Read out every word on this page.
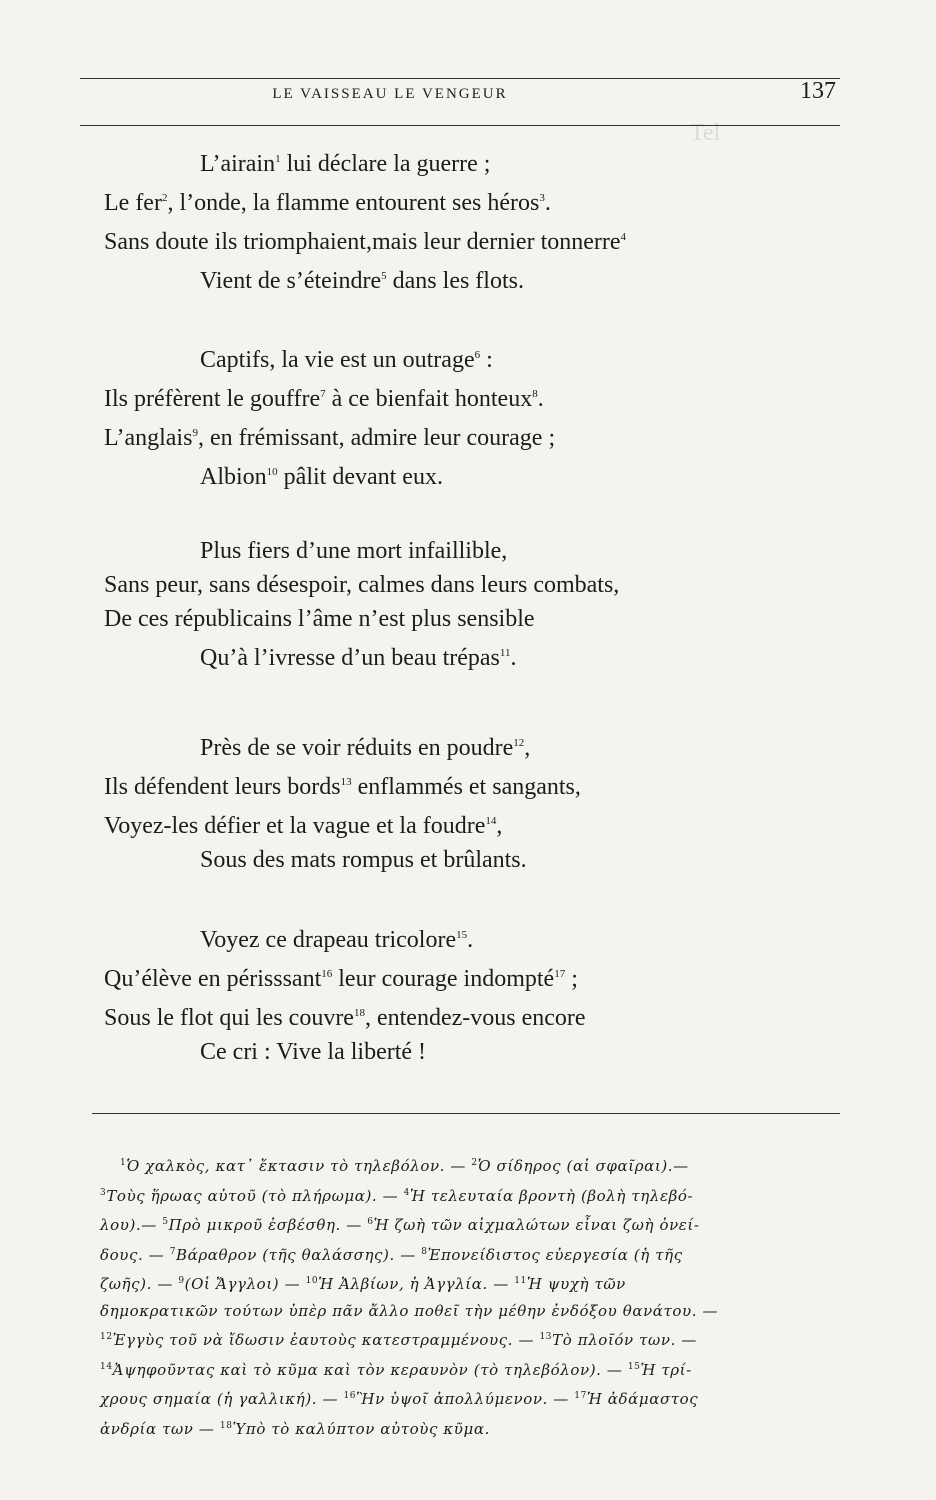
Tel
LE VAISSEAU LE VENGEUR	137
L’airain$^1$ lui déclare la guerre ;
Le fer$^2$, l’onde, la flamme entourent ses héros$^3$.
Sans doute ils triomphaient,mais leur dernier tonnerre$^4$
Vient de s’éteindre$^5$ dans les flots.
Captifs, la vie est un outrage$^6$ :
Ils préfèrent le gouffre$^7$ à ce bienfait honteux$^8$.
L’anglais$^9$, en frémissant, admire leur courage ;
Albion$^{10}$ pâlit devant eux.
Plus fiers d’une mort infaillible,
Sans peur, sans désespoir, calmes dans leurs combats,
De ces républicains l’âme n’est plus sensible
Qu’à l’ivresse d’un beau trépas$^{11}$.
Près de se voir réduits en poudre$^{12}$,
Ils défendent leurs bords$^{13}$ enflammés et sangants,
Voyez-les défier et la vague et la foudre$^{14}$,
Sous des mats rompus et brûlants.
Voyez ce drapeau tricolore$^{15}$.
Qu’élève en périsssant$^{16}$ leur courage indompté$^{17}$ ;
Sous le flot qui les couvre$^{18}$, entendez-vous encore
Ce cri : Vive la liberté !
$^1$Ὁ χαλκὸς, κατ᾽ ἔκτασιν τὸ τηλεβόλον. — $^2$Ὁ σίδηρος (αἱ σφαῖραι).—
$^3$Τοὺς ἥρωας αὐτοῦ (τὸ πλήρωμα). — $^4$Ἡ τελευταία βροντὴ (βολὴ τηλεβό-
λου).— $^5$Πρὸ μικροῦ ἐσβέσθη. — $^6$Ἡ ζωὴ τῶν αἰχμαλώτων εἶναι ζωὴ ὀνεί-
δους. — $^7$Βάραθρον (τῆς θαλάσσης). — $^8$Ἐπονείδιστος εὐεργεσία (ἡ τῆς
ζωῆς). — $^9$(Οἱ Ἄγγλοι) — $^{10}$Ἡ Ἀλβίων, ἡ Ἀγγλία. — $^{11}$Ἡ ψυχὴ τῶν
δημοκρατικῶν τούτων ὑπὲρ πᾶν ἄλλο ποθεῖ τὴν μέθην ἐνδόξου θανάτου. —
$^{12}$Ἐγγὺς τοῦ νὰ ἴδωσιν ἑαυτοὺς κατεστραμμένους. — $^{13}$Τὸ πλοῖόν των. —
$^{14}$Ἀψηφοῦντας καὶ τὸ κῦμα καὶ τὸν κεραυνὸν (τὸ τηλεβόλον). — $^{15}$Ἡ τρί-
χρους σημαία (ἡ γαλλική). — $^{16}$Ἣν ὑψοῖ ἀπολλύμενον. — $^{17}$Ἡ ἀδάμαστος
ἀνδρία των — $^{18}$Ὑπὸ τὸ καλύπτον αὐτοὺς κῦμα.
